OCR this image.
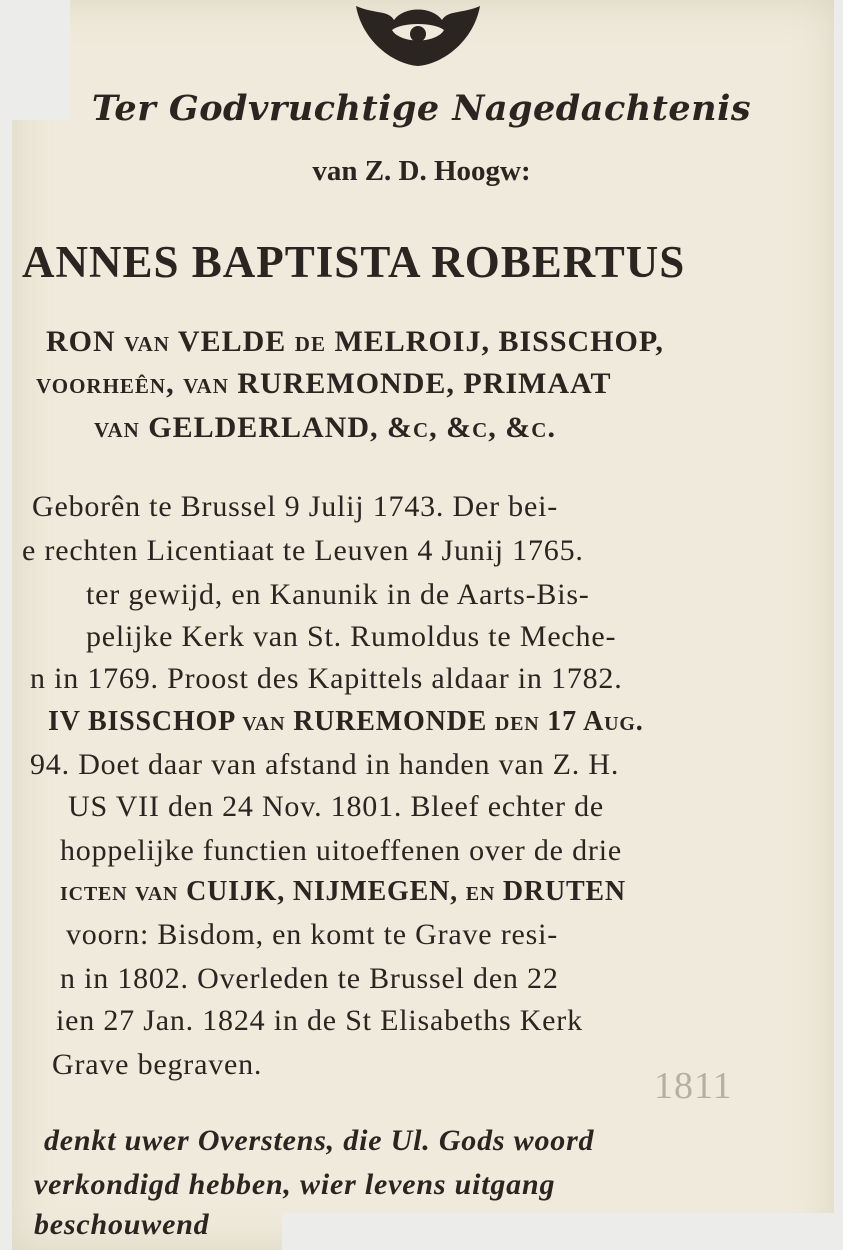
Ter Godvruchtige Nagedachtenis
van Z. D. Hoogw:
ANNES BAPTISTA ROBERTUS
RON van VELDE de MELROIJ, BISSCHOP,
voorheên, van RUREMONDE, PRIMAAT
van GELDERLAND, &c, &c, &c.
Geborên te Brussel 9 Julij 1743. Der bei-
e rechten Licentiaat te Leuven 4 Junij 1765.
ter gewijd, en Kanunik in de Aarts-Bis-
pelijke Kerk van St. Rumoldus te Meche-
n in 1769. Proost des Kapittels aldaar in 1782.
IV BISSCHOP van RUREMONDE den 17 Aug.
94. Doet daar van afstand in handen van Z. H.
US VII den 24 Nov. 1801. Bleef echter de
hoppelijke functien uitoeffenen over de drie
icten van CUIJK, NIJMEGEN, en DRUTEN
voorn: Bisdom, en komt te Grave resi-
n in 1802. Overleden te Brussel den 22
ien 27 Jan. 1824 in de St Elisabeths Kerk
Grave begraven.
1811
denkt uwer Overstens, die Ul. Gods woord
verkondigd hebben, wier levens uitgang
beschouwend
